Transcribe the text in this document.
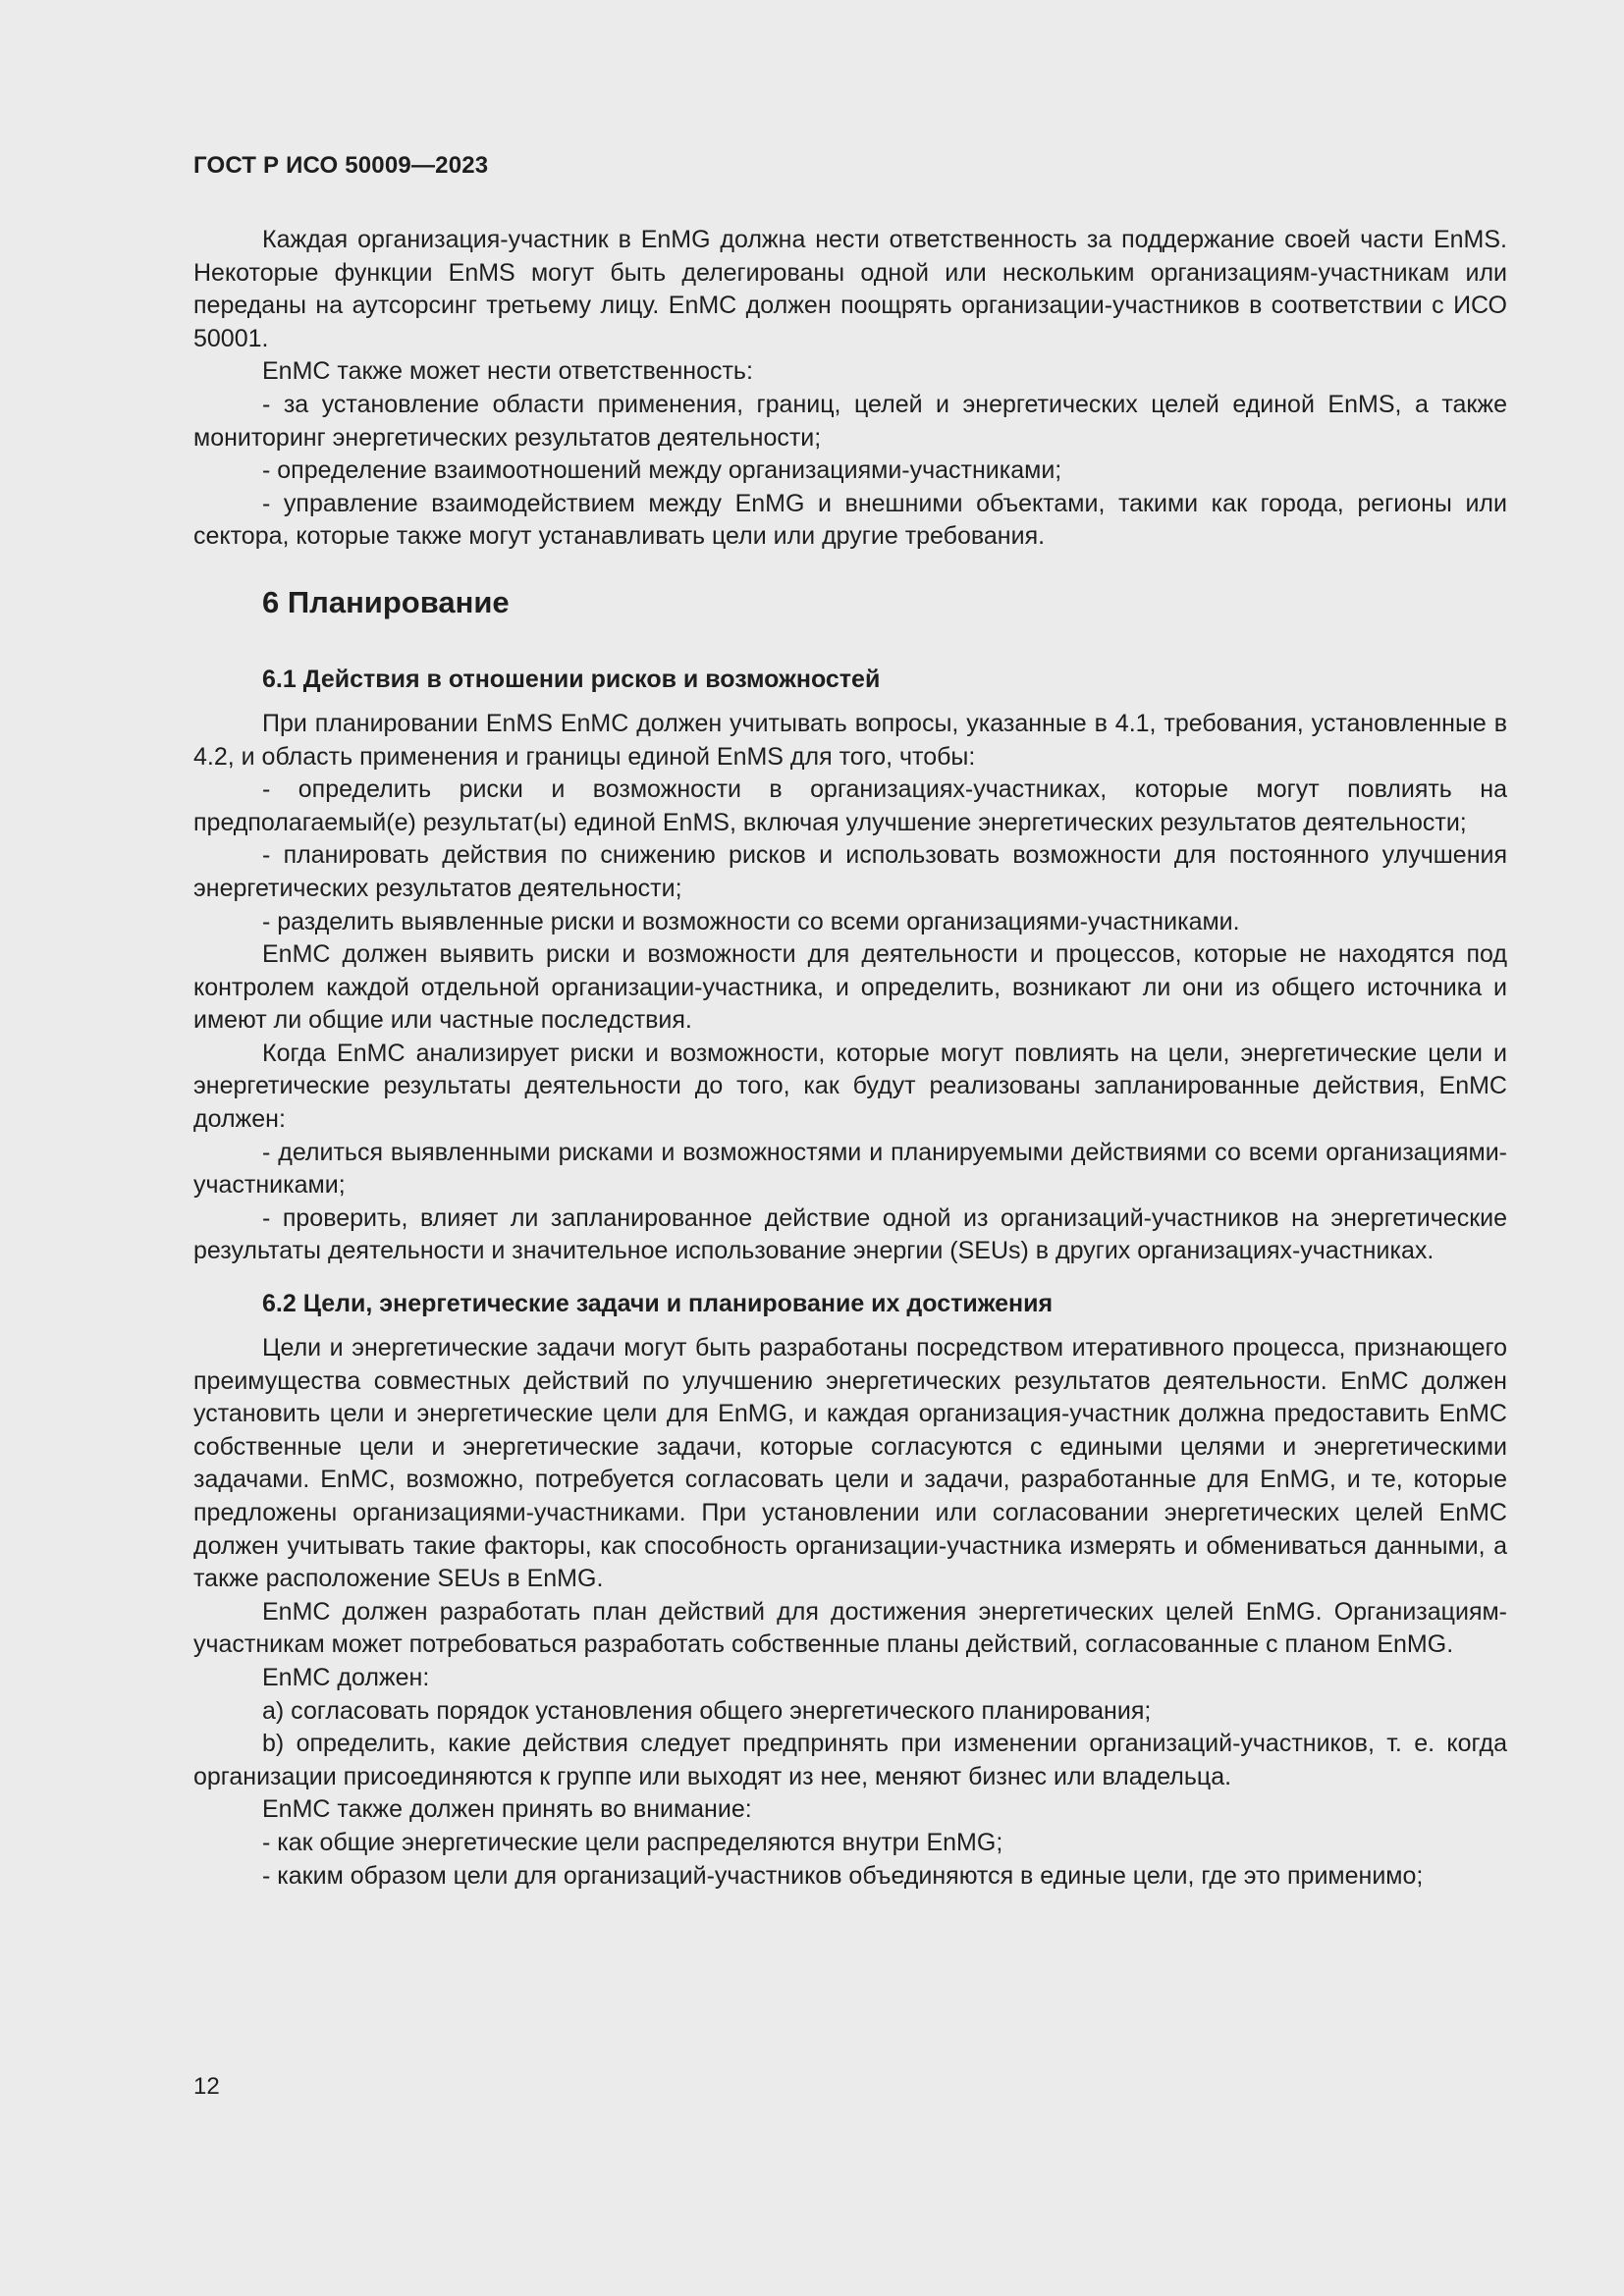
ГОСТ Р ИСО 50009—2023

Каждая организация-участник в EnMG должна нести ответственность за поддержание своей части EnMS. Некоторые функции EnMS могут быть делегированы одной или нескольким организациям-участникам или переданы на аутсорсинг третьему лицу. EnMC должен поощрять организации-участников в соответствии с ИСО 50001.

EnMC также может нести ответственность:

- за установление области применения, границ, целей и энергетических целей единой EnMS, а также мониторинг энергетических результатов деятельности;

- определение взаимоотношений между организациями-участниками;

- управление взаимодействием между EnMG и внешними объектами, такими как города, регионы или сектора, которые также могут устанавливать цели или другие требования.

6 Планирование
6.1 Действия в отношении рисков и возможностей

При планировании EnMS EnMC должен учитывать вопросы, указанные в 4.1, требования, установленные в 4.2, и область применения и границы единой EnMS для того, чтобы:

- определить риски и возможности в организациях-участниках, которые могут повлиять на предполагаемый(е) результат(ы) единой EnMS, включая улучшение энергетических результатов деятельности;

- планировать действия по снижению рисков и использовать возможности для постоянного улучшения энергетических результатов деятельности;

- разделить выявленные риски и возможности со всеми организациями-участниками.

EnMC должен выявить риски и возможности для деятельности и процессов, которые не находятся под контролем каждой отдельной организации-участника, и определить, возникают ли они из общего источника и имеют ли общие или частные последствия.

Когда EnMC анализирует риски и возможности, которые могут повлиять на цели, энергетические цели и энергетические результаты деятельности до того, как будут реализованы запланированные действия, EnMC должен:

- делиться выявленными рисками и возможностями и планируемыми действиями со всеми организациями-участниками;

- проверить, влияет ли запланированное действие одной из организаций-участников на энергетические результаты деятельности и значительное использование энергии (SEUs) в других организациях-участниках.

6.2 Цели, энергетические задачи и планирование их достижения

Цели и энергетические задачи могут быть разработаны посредством итеративного процесса, признающего преимущества совместных действий по улучшению энергетических результатов деятельности. EnMC должен установить цели и энергетические цели для EnMG, и каждая организация-участник должна предоставить EnMC собственные цели и энергетические задачи, которые согласуются с едиными целями и энергетическими задачами. EnMC, возможно, потребуется согласовать цели и задачи, разработанные для EnMG, и те, которые предложены организациями-участниками. При установлении или согласовании энергетических целей EnMC должен учитывать такие факторы, как способность организации-участника измерять и обмениваться данными, а также расположение SEUs в EnMG.

EnMC должен разработать план действий для достижения энергетических целей EnMG. Организациям-участникам может потребоваться разработать собственные планы действий, согласованные с планом EnMG.

EnMC должен:

a) согласовать порядок установления общего энергетического планирования;

b) определить, какие действия следует предпринять при изменении организаций-участников, т. е. когда организации присоединяются к группе или выходят из нее, меняют бизнес или владельца.

EnMC также должен принять во внимание:

- как общие энергетические цели распределяются внутри EnMG;

- каким образом цели для организаций-участников объединяются в единые цели, где это применимо;

12
